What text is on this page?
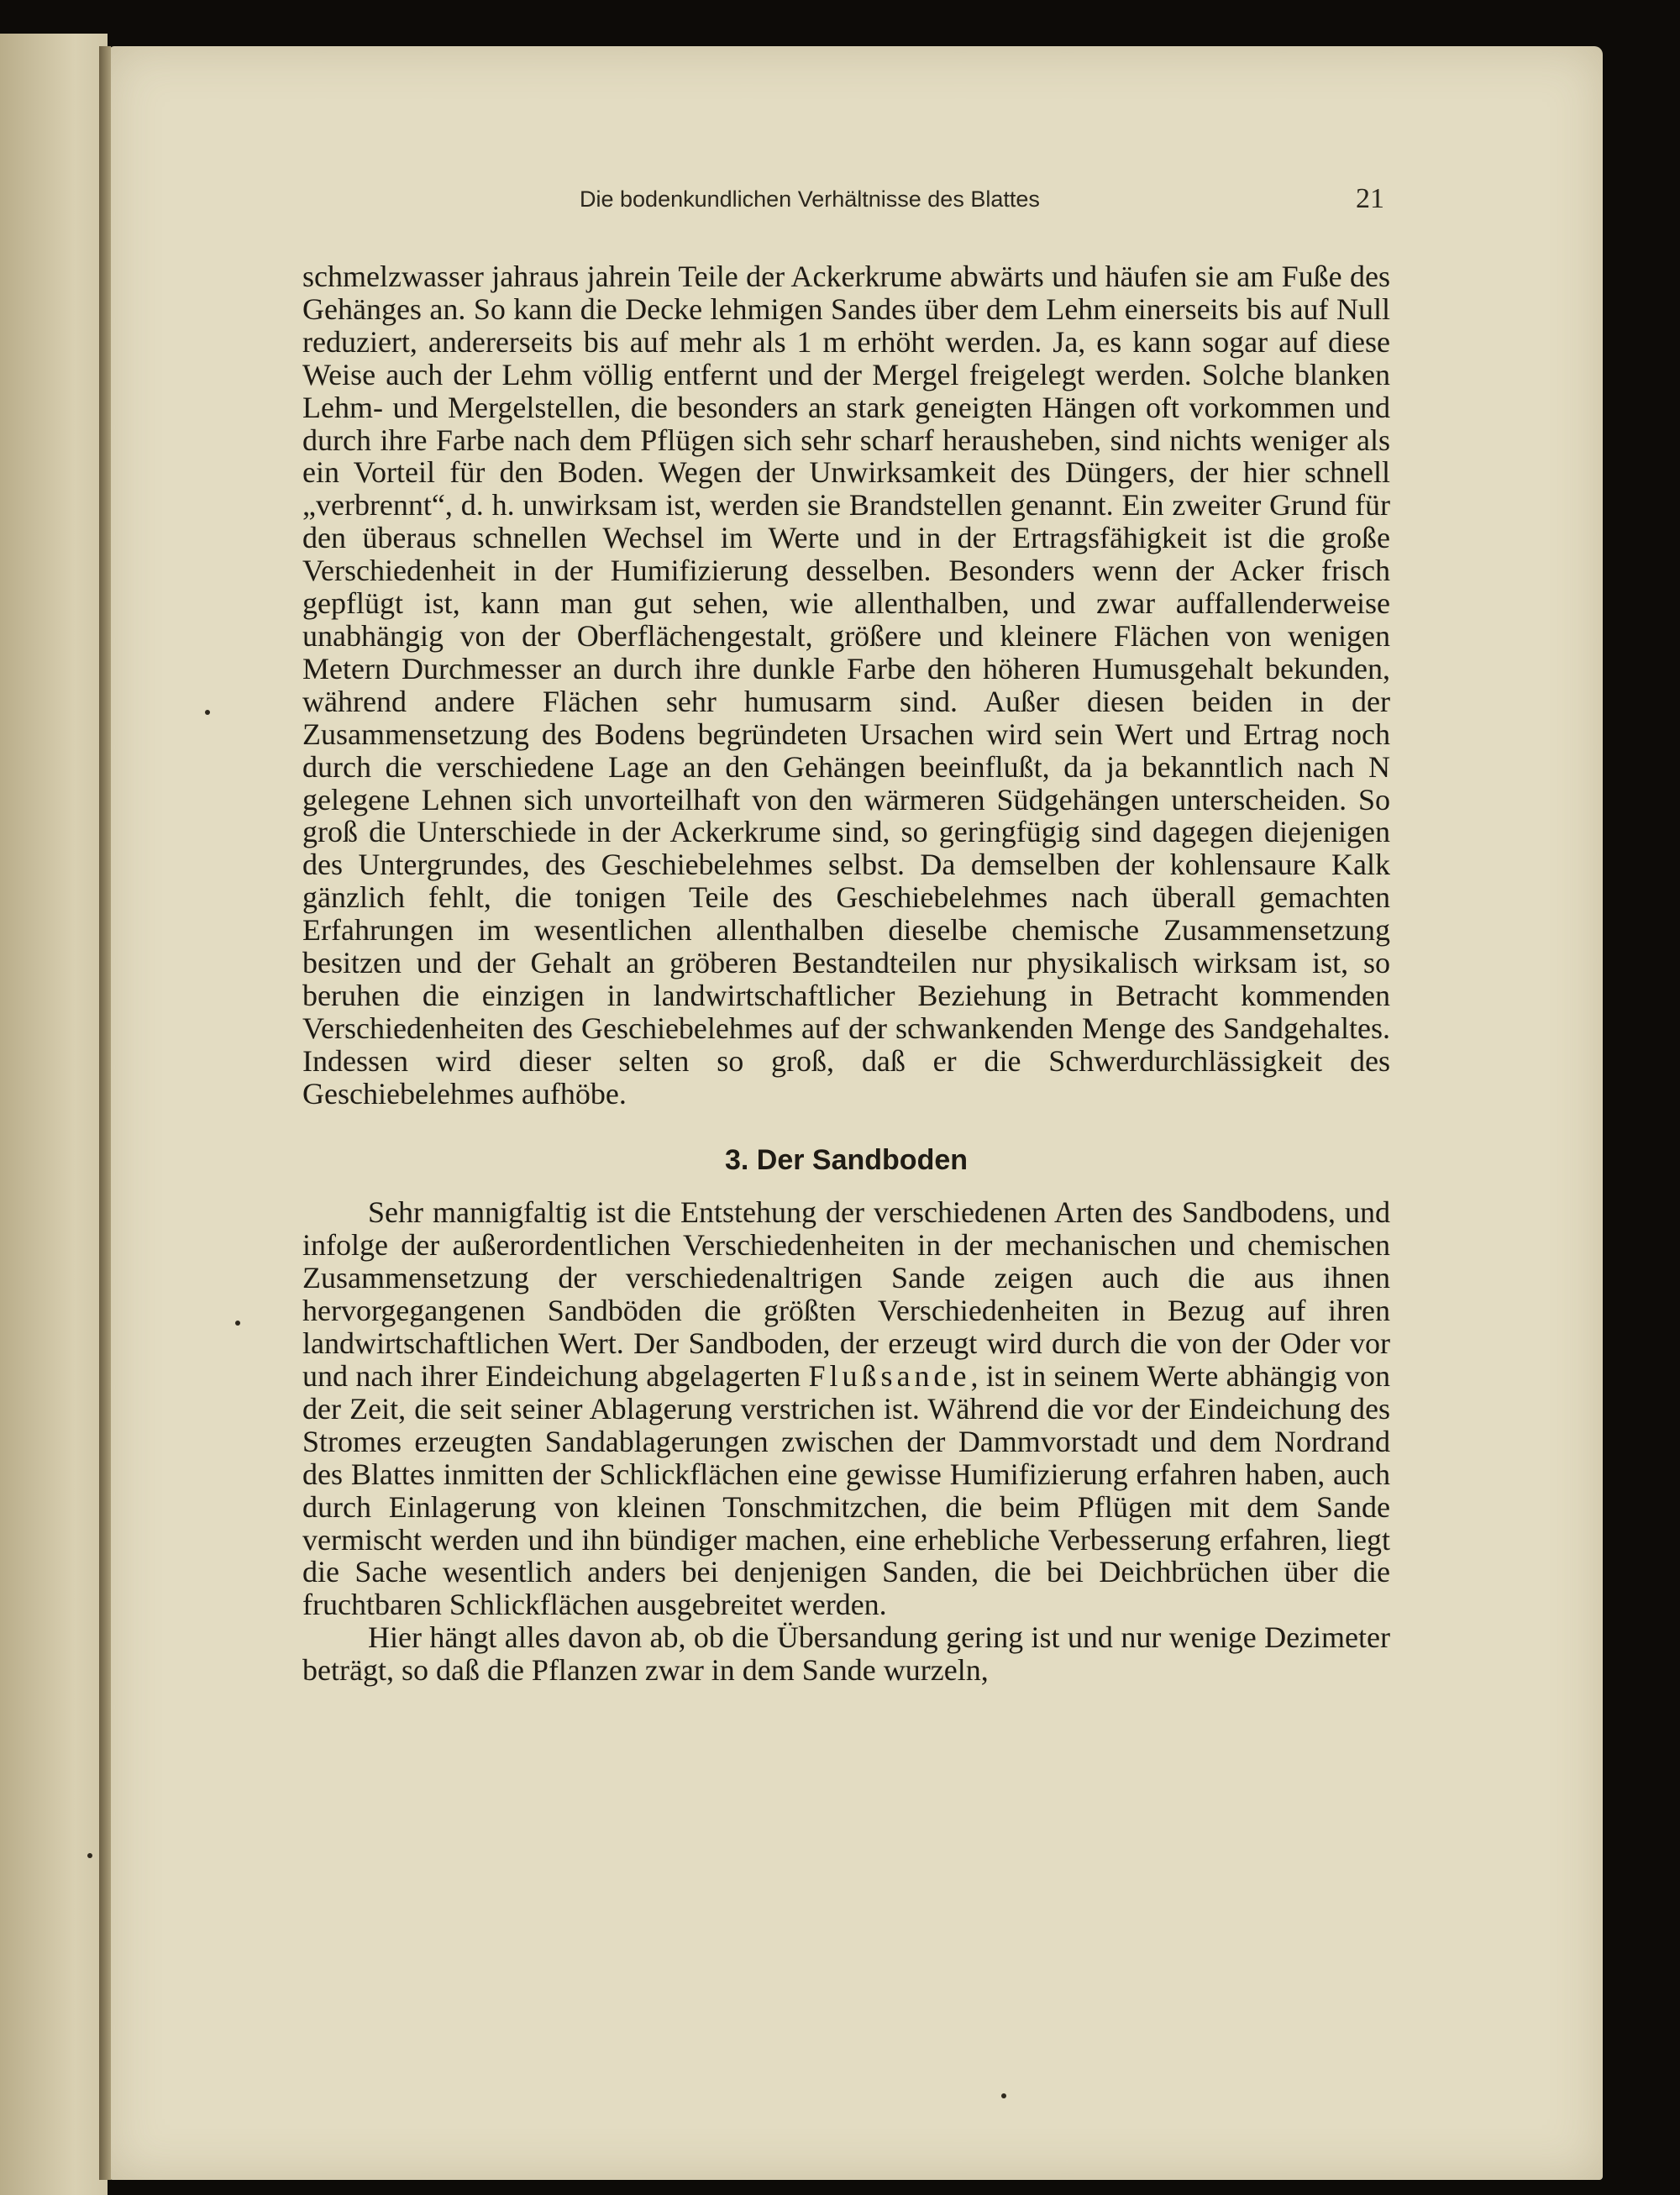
Die bodenkundlichen Verhältnisse des Blattes	21

schmelzwasser jahraus jahrein Teile der Ackerkrume abwärts und häufen sie am Fuße des Gehänges an. So kann die Decke lehmigen Sandes über dem Lehm einerseits bis auf Null reduziert, andererseits bis auf mehr als 1 m erhöht werden. Ja, es kann sogar auf diese Weise auch der Lehm völlig entfernt und der Mergel freigelegt werden. Solche blanken Lehm- und Mergelstellen, die besonders an stark geneigten Hängen oft vorkommen und durch ihre Farbe nach dem Pflügen sich sehr scharf herausheben, sind nichts weniger als ein Vorteil für den Boden. Wegen der Unwirksamkeit des Düngers, der hier schnell „verbrennt“, d. h. unwirksam ist, werden sie Brandstellen genannt. Ein zweiter Grund für den überaus schnellen Wechsel im Werte und in der Ertragsfähigkeit ist die große Verschiedenheit in der Humifizierung desselben. Besonders wenn der Acker frisch gepflügt ist, kann man gut sehen, wie allenthalben, und zwar auffallenderweise unabhängig von der Oberflächengestalt, größere und kleinere Flächen von wenigen Metern Durchmesser an durch ihre dunkle Farbe den höheren Humusgehalt bekunden, während andere Flächen sehr humusarm sind. Außer diesen beiden in der Zusammensetzung des Bodens begründeten Ursachen wird sein Wert und Ertrag noch durch die verschiedene Lage an den Gehängen beeinflußt, da ja bekanntlich nach N gelegene Lehnen sich unvorteilhaft von den wärmeren Südgehängen unterscheiden. So groß die Unterschiede in der Ackerkrume sind, so geringfügig sind dagegen diejenigen des Untergrundes, des Geschiebelehmes selbst. Da demselben der kohlensaure Kalk gänzlich fehlt, die tonigen Teile des Geschiebelehmes nach überall gemachten Erfahrungen im wesentlichen allenthalben dieselbe chemische Zusammensetzung besitzen und der Gehalt an gröberen Bestandteilen nur physikalisch wirksam ist, so beruhen die einzigen in landwirtschaftlicher Beziehung in Betracht kommenden Verschiedenheiten des Geschiebelehmes auf der schwankenden Menge des Sandgehaltes. Indessen wird dieser selten so groß, daß er die Schwerdurchlässigkeit des Geschiebelehmes aufhöbe.

3. Der Sandboden

Sehr mannigfaltig ist die Entstehung der verschiedenen Arten des Sandbodens, und infolge der außerordentlichen Verschiedenheiten in der mechanischen und chemischen Zusammensetzung der verschiedenaltrigen Sande zeigen auch die aus ihnen hervorgegangenen Sandböden die größten Verschiedenheiten in Bezug auf ihren landwirtschaftlichen Wert. Der Sandboden, der erzeugt wird durch die von der Oder vor und nach ihrer Eindeichung abgelagerten Flußsande, ist in seinem Werte abhängig von der Zeit, die seit seiner Ablagerung verstrichen ist. Während die vor der Eindeichung des Stromes erzeugten Sandablagerungen zwischen der Dammvorstadt und dem Nordrand des Blattes inmitten der Schlickflächen eine gewisse Humifizierung erfahren haben, auch durch Einlagerung von kleinen Tonschmitzchen, die beim Pflügen mit dem Sande vermischt werden und ihn bündiger machen, eine erhebliche Verbesserung erfahren, liegt die Sache wesentlich anders bei denjenigen Sanden, die bei Deichbrüchen über die fruchtbaren Schlickflächen ausgebreitet werden.

Hier hängt alles davon ab, ob die Übersandung gering ist und nur wenige Dezimeter beträgt, so daß die Pflanzen zwar in dem Sande wurzeln,
